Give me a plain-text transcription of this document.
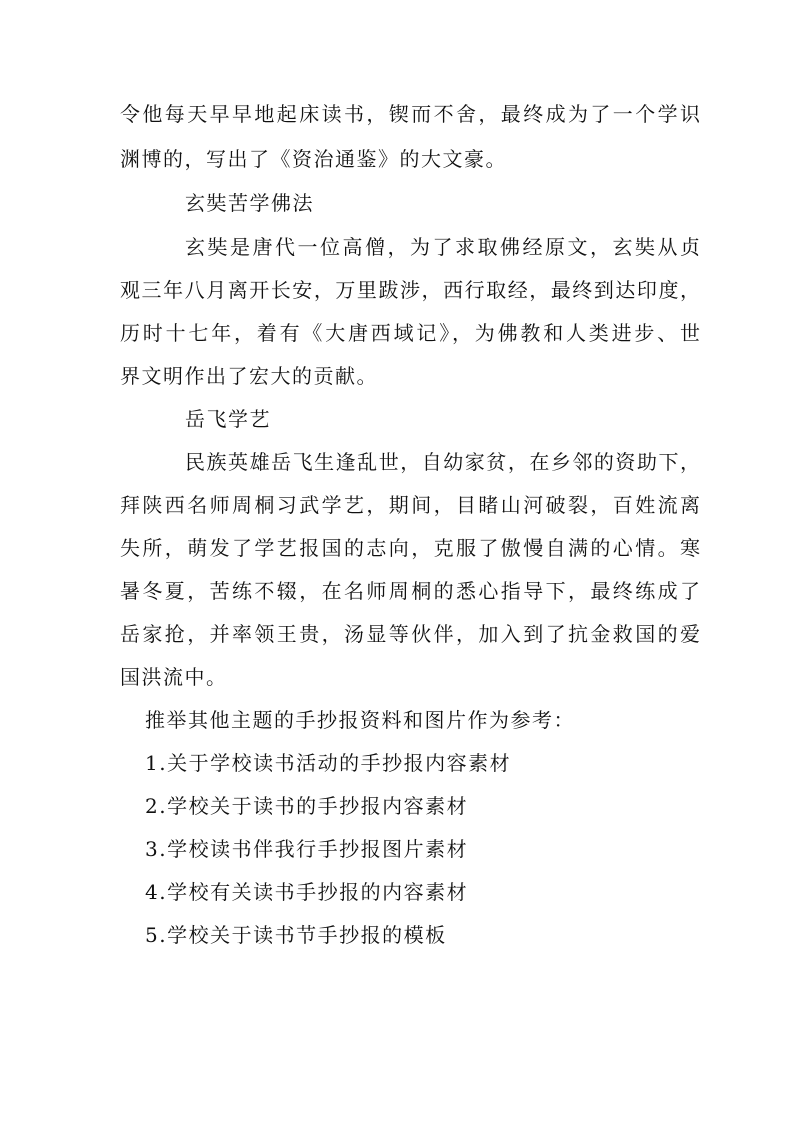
令他每天早早地起床读书，锲而不舍，最终成为了一个学识
渊博的，写出了《资治通鉴》的大文豪。
玄奘苦学佛法
玄奘是唐代一位高僧，为了求取佛经原文，玄奘从贞
观三年八月离开长安，万里跋涉，西行取经，最终到达印度，
历时十七年，着有《大唐西域记》，为佛教和人类进步、世
界文明作出了宏大的贡献。
岳飞学艺
民族英雄岳飞生逢乱世，自幼家贫，在乡邻的资助下，
拜陕西名师周桐习武学艺，期间，目睹山河破裂，百姓流离
失所，萌发了学艺报国的志向，克服了傲慢自满的心情。寒
暑冬夏，苦练不辍，在名师周桐的悉心指导下，最终练成了
岳家抢，并率领王贵，汤显等伙伴，加入到了抗金救国的爱
国洪流中。
推举其他主题的手抄报资料和图片作为参考：
1.关于学校读书活动的手抄报内容素材
2.学校关于读书的手抄报内容素材
3.学校读书伴我行手抄报图片素材
4.学校有关读书手抄报的内容素材
5.学校关于读书节手抄报的模板
